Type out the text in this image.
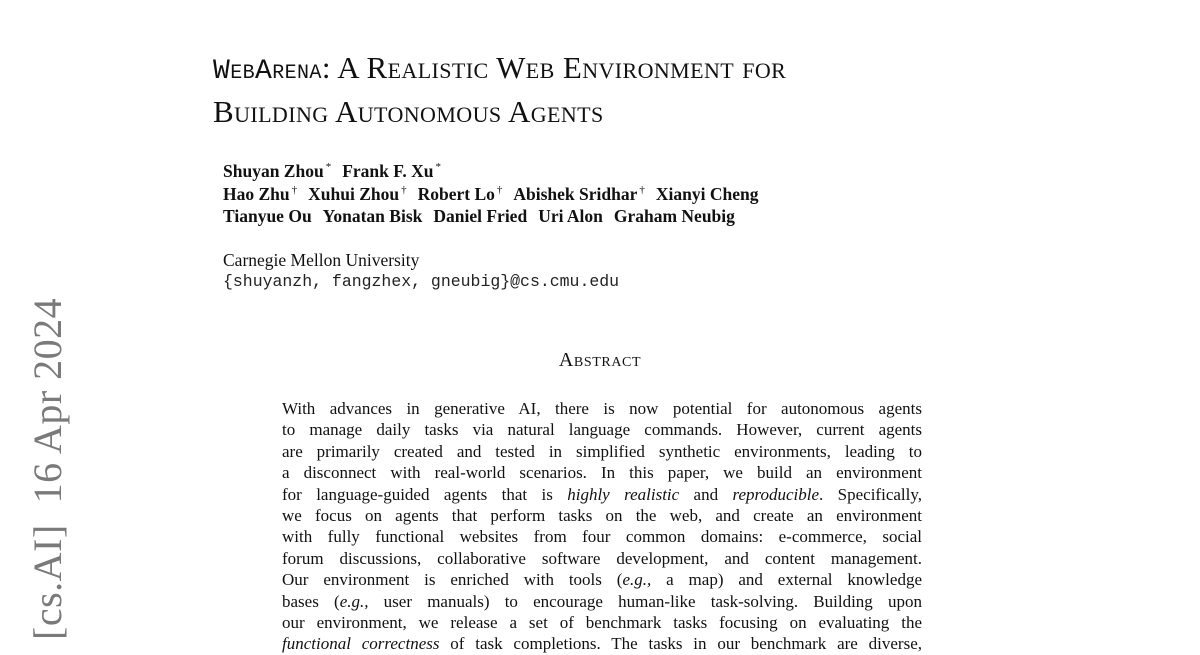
[cs.AI]  16 Apr 2024
WebArena: A Realistic Web Environment for
Building Autonomous Agents
Shuyan Zhou * Frank F. Xu *
Hao Zhu † Xuhui Zhou † Robert Lo † Abishek Sridhar † Xianyi Cheng
Tianyue Ou Yonatan Bisk Daniel Fried Uri Alon Graham Neubig
Carnegie Mellon University
{shuyanzh, fangzhex, gneubig}@cs.cmu.edu
Abstract
With advances in generative AI, there is now potential for autonomous agents
to manage daily tasks via natural language commands. However, current agents
are primarily created and tested in simplified synthetic environments, leading to
a disconnect with real-world scenarios. In this paper, we build an environment
for language-guided agents that is highly realistic and reproducible. Specifically,
we focus on agents that perform tasks on the web, and create an environment
with fully functional websites from four common domains: e-commerce, social
forum discussions, collaborative software development, and content management.
Our environment is enriched with tools (e.g., a map) and external knowledge
bases (e.g., user manuals) to encourage human-like task-solving. Building upon
our environment, we release a set of benchmark tasks focusing on evaluating the
functional correctness of task completions. The tasks in our benchmark are diverse,
